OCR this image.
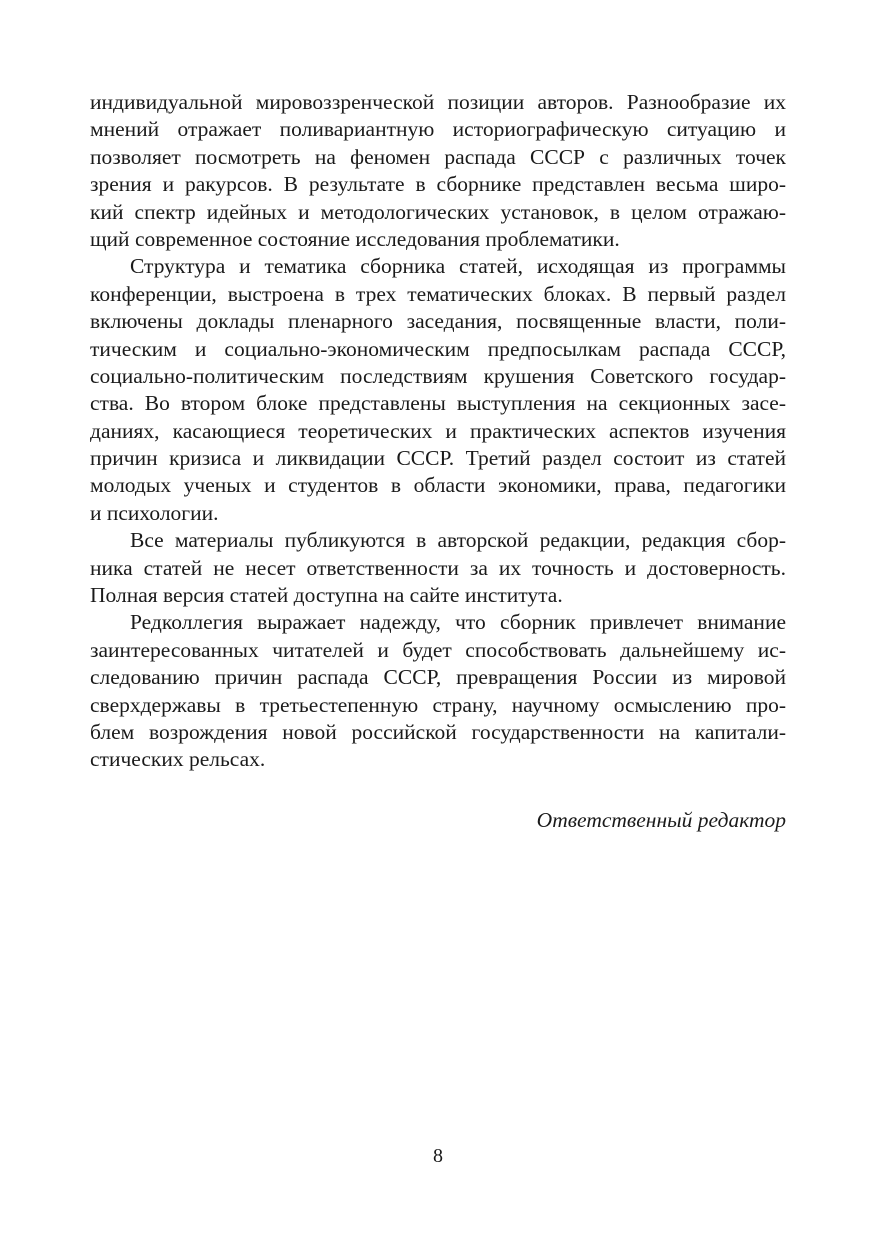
индивидуальной мировоззренческой позиции авторов. Разнообразие их
мнений отражает поливариантную историографическую ситуацию и
позволяет посмотреть на феномен распада СССР с различных точек
зрения и ракурсов. В результате в сборнике представлен весьма широ-
кий спектр идейных и методологических установок, в целом отражаю-
щий современное состояние исследования проблематики.

Структура и тематика сборника статей, исходящая из программы
конференции, выстроена в трех тематических блоках. В первый раздел
включены доклады пленарного заседания, посвященные власти, поли-
тическим и социально-экономическим предпосылкам распада СССР,
социально-политическим последствиям крушения Советского государ-
ства. Во втором блоке представлены выступления на секционных засе-
даниях, касающиеся теоретических и практических аспектов изучения
причин кризиса и ликвидации СССР. Третий раздел состоит из статей
молодых ученых и студентов в области экономики, права, педагогики
и психологии.

Все материалы публикуются в авторской редакции, редакция сбор-
ника статей не несет ответственности за их точность и достоверность.
Полная версия статей доступна на сайте института.

Редколлегия выражает надежду, что сборник привлечет внимание
заинтересованных читателей и будет способствовать дальнейшему ис-
следованию причин распада СССР, превращения России из мировой
сверхдержавы в третьестепенную страну, научному осмыслению про-
блем возрождения новой российской государственности на капитали-
стических рельсах.

Ответственный редактор
8
